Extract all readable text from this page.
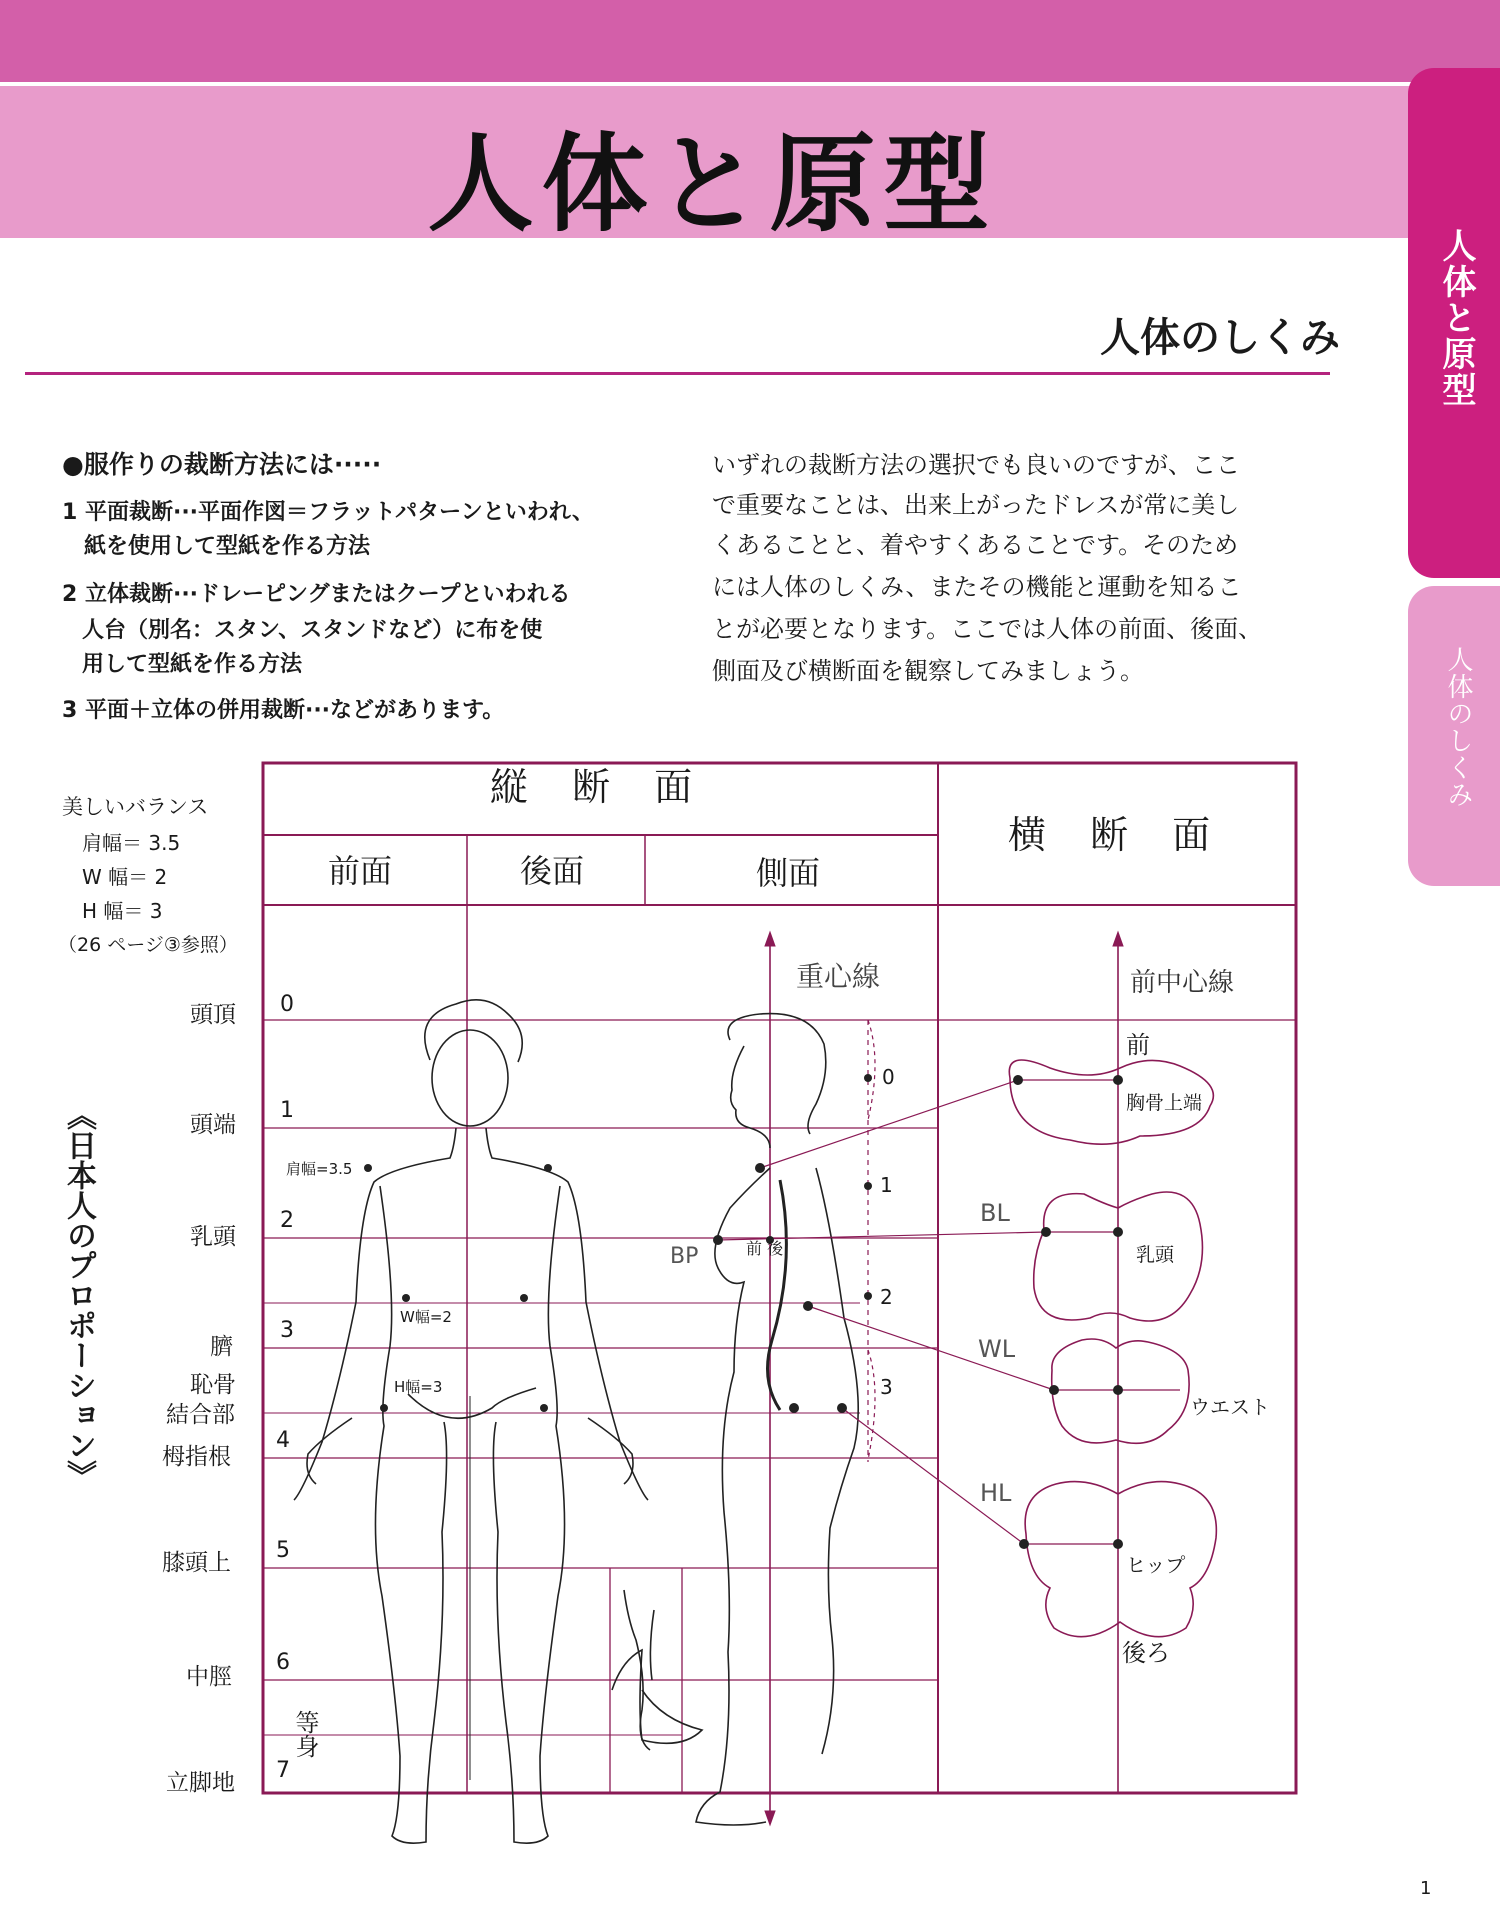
人体と原型
人体と原型
人体のしくみ
人体のしくみ
●服作りの裁断方法には·····
1 平面裁断···平面作図＝フラットパターンといわれ、
紙を使用して型紙を作る方法
2 立体裁断···ドレーピングまたはクープといわれる
人台（別名：スタン、スタンドなど）に布を使
用して型紙を作る方法
3 平面＋立体の併用裁断···などがあります。
いずれの裁断方法の選択でも良いのですが、ここ
で重要なことは、出来上がったドレスが常に美し
くあることと、着やすくあることです。そのため
には人体のしくみ、またその機能と運動を知るこ
とが必要となります。ここでは人体の前面、後面、
側面及び横断面を観察してみましょう。
美しいバランス
肩幅＝ 3.5
W 幅＝ 2
H 幅＝ 3
（26 ページ③参照）
《日本人のプロポーション》
縦 断 面
横 断 面
前面	後面	側面
0
1
2
3
4
5
6
7
等身
頭頂
頭端
乳頭
臍
恥骨
結合部
栂指根
膝頭上
中脛
立脚地
肩幅=3.5
W幅=2
H幅=3
重心線
BP	前 後
0
1
2
3
前中心線
前
胸骨上端
BL
乳頭
WL
ウエスト
HL
ヒップ
後ろ
1
